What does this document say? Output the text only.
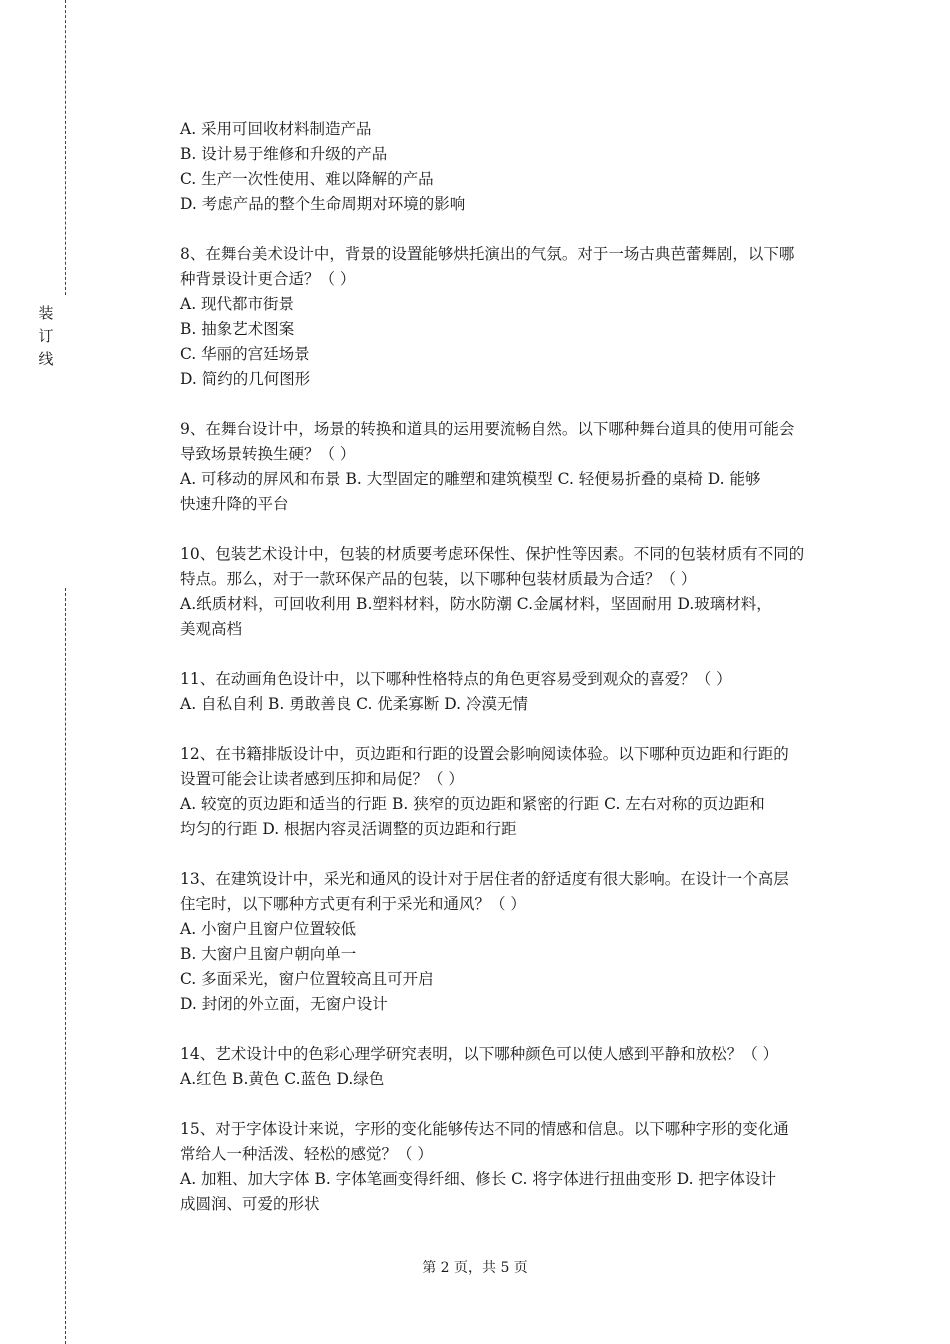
装
订
线
A. 采用可回收材料制造产品
B. 设计易于维修和升级的产品
C. 生产一次性使用、难以降解的产品
D. 考虑产品的整个生命周期对环境的影响
8、在舞台美术设计中，背景的设置能够烘托演出的气氛。对于一场古典芭蕾舞剧，以下哪
种背景设计更合适？（ ）
A. 现代都市街景
B. 抽象艺术图案
C. 华丽的宫廷场景
D. 简约的几何图形
9、在舞台设计中，场景的转换和道具的运用要流畅自然。以下哪种舞台道具的使用可能会
导致场景转换生硬？（ ）
A. 可移动的屏风和布景 B. 大型固定的雕塑和建筑模型 C. 轻便易折叠的桌椅 D. 能够
快速升降的平台
10、包装艺术设计中，包装的材质要考虑环保性、保护性等因素。不同的包装材质有不同的
特点。那么，对于一款环保产品的包装，以下哪种包装材质最为合适？（ ）
A.纸质材料，可回收利用 B.塑料材料，防水防潮 C.金属材料，坚固耐用 D.玻璃材料，
美观高档
11、在动画角色设计中，以下哪种性格特点的角色更容易受到观众的喜爱？（ ）
A. 自私自利 B. 勇敢善良 C. 优柔寡断 D. 冷漠无情
12、在书籍排版设计中，页边距和行距的设置会影响阅读体验。以下哪种页边距和行距的
设置可能会让读者感到压抑和局促？（ ）
A. 较宽的页边距和适当的行距 B. 狭窄的页边距和紧密的行距 C. 左右对称的页边距和
均匀的行距 D. 根据内容灵活调整的页边距和行距
13、在建筑设计中，采光和通风的设计对于居住者的舒适度有很大影响。在设计一个高层
住宅时，以下哪种方式更有利于采光和通风？（ ）
A. 小窗户且窗户位置较低
B. 大窗户且窗户朝向单一
C. 多面采光，窗户位置较高且可开启
D. 封闭的外立面，无窗户设计
14、艺术设计中的色彩心理学研究表明，以下哪种颜色可以使人感到平静和放松？（ ）
A.红色 B.黄色 C.蓝色 D.绿色
15、对于字体设计来说，字形的变化能够传达不同的情感和信息。以下哪种字形的变化通
常给人一种活泼、轻松的感觉？（ ）
A. 加粗、加大字体 B. 字体笔画变得纤细、修长 C. 将字体进行扭曲变形 D. 把字体设计
成圆润、可爱的形状
第 2 页，共 5 页
